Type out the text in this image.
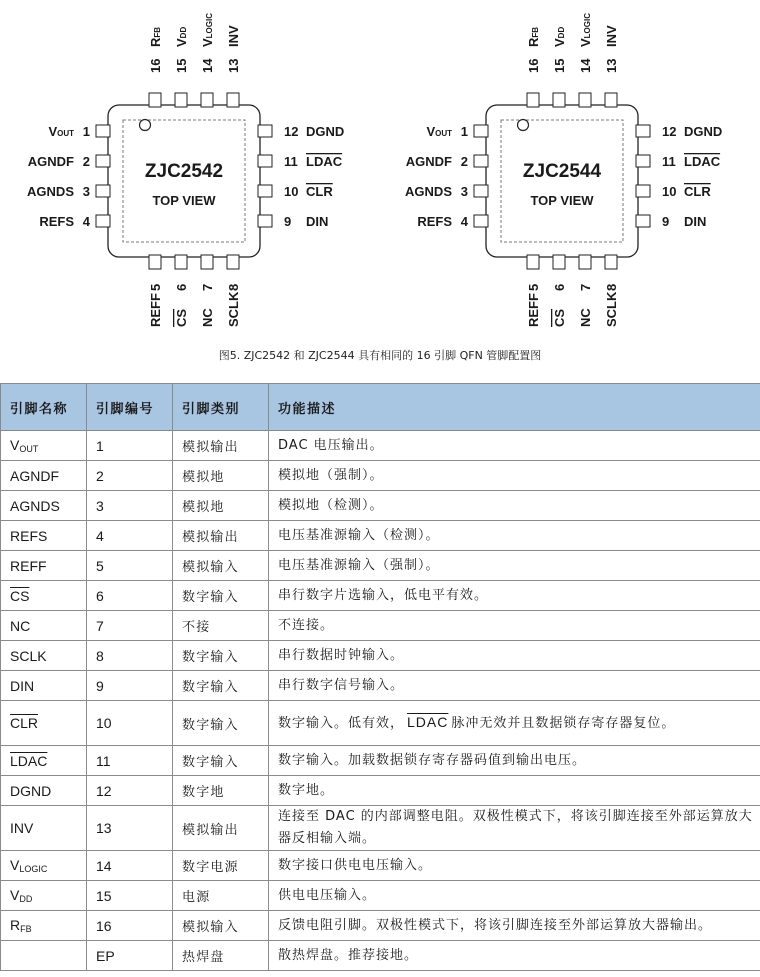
ZJC2542
TOP VIEW
1
VOUT
2
AGNDF
3
AGNDS
4
REFS
12 DGND
11 LDAC
10 CLR
9 DIN
16
RFB
15
VDD
14
VLOGIC
13
INV
5
REFF
6
CS
7
NC
8
SCLK
ZJC2544
TOP VIEW
1
VOUT
2
AGNDF
3
AGNDS
4
REFS
12 DGND
11 LDAC
10 CLR
9 DIN
16
RFB
15
VDD
14
VLOGIC
13
INV
5
REFF
6
CS
7
NC
8
SCLK
图5. ZJC2542 和 ZJC2544 具有相同的 16 引脚 QFN 管脚配置图
引脚名称	引脚编号	引脚类别	功能描述
$V_{OUT}$	1	模拟输出	DAC 电压输出。
AGNDF	2	模拟地	模拟地（强制）。
AGNDS	3	模拟地	模拟地（检测）。
REFS	4	模拟输出	电压基准源输入（检测）。
REFF	5	模拟输入	电压基准源输入（强制）。
$\overline{CS}$	6	数字输入	串行数字片选输入，低电平有效。
NC	7	不接	不连接。
SCLK	8	数字输入	串行数据时钟输入。
DIN	9	数字输入	串行数字信号输入。
$\overline{CLR}$	10	数字输入	数字输入。低有效， LDAC 脉冲无效并且数据锁存寄存器复位。
LDAC	11	数字输入	数字输入。加载数据锁存寄存器码值到输出电压。
DGND	12	数字地	数字地。
INV	13	模拟输出	连接至 DAC 的内部调整电阻。双极性模式下，将该引脚连接至外部运算放大器反相输入端。
$V_{LOGIC}$	14	数字电源	数字接口供电电压输入。
$V_{DD}$	15	电源	供电电压输入。
$R_{FB}$	16	模拟输入	反馈电阻引脚。双极性模式下，将该引脚连接至外部运算放大器输出。
	EP	热焊盘	散热焊盘。推荐接地。
